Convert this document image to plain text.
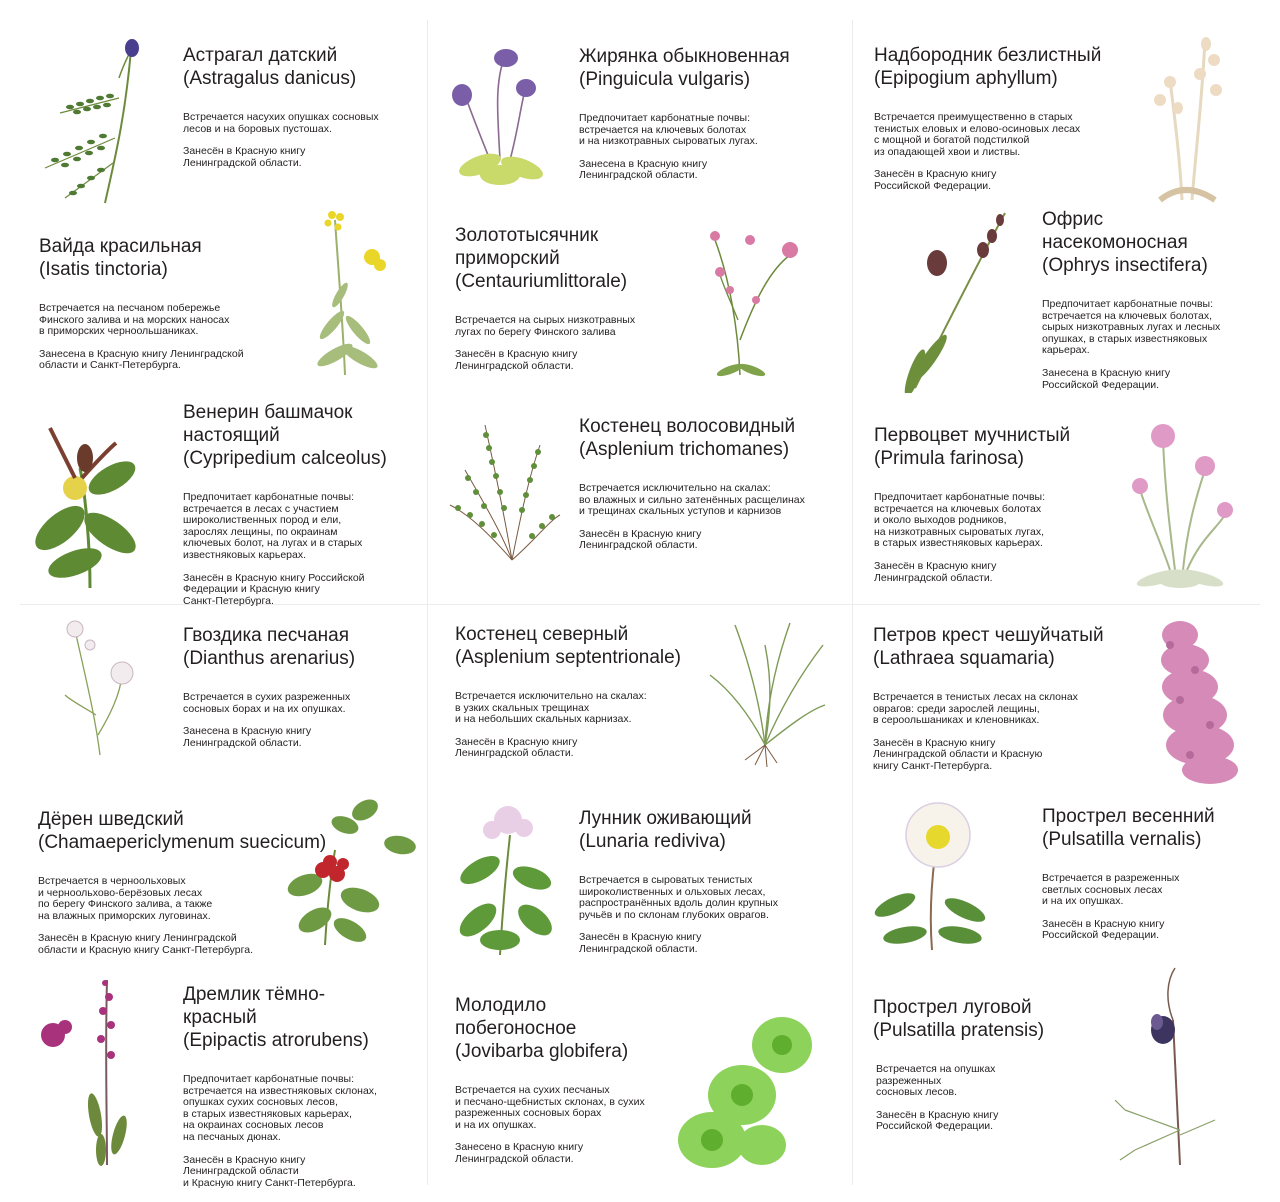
Астрагал датский
(Astragalus danicus)
Встречается насухих опушках сосновых
лесов и на боровых пустошах.
Занесён в Красную книгу
Ленинградской области.
Жирянка обыкновенная
(Pinguicula vulgaris)
Предпочитает карбонатные почвы:
встречается на ключевых болотах
и на низкотравных сыроватых лугах.
Занесена в Красную книгу
Ленинградской области.
Надбородник безлистный
(Epipogium aphyllum)
Встречается преимущественно в старых
тенистых еловых и елово-осиновых лесах
с мощной и богатой подстилкой
из опадающей хвои и листвы.
Занесён в Красную книгу
Российской Федерации.
Вайда красильная
(Isatis tinctoria)
Встречается на песчаном побережье
Финского залива и на морских наносах
в приморских черноольшаниках.
Занесена в Красную книгу Ленинградской
области и Санкт-Петербурга.
Золототысячник
приморский
(Centauriumlittorale)
Встречается на сырых низкотравных
лугах по берегу Финского залива
Занесён в Красную книгу
Ленинградской области.
Офрис
насекомоносная
(Ophrys insectifera)
Предпочитает карбонатные почвы:
встречается на ключевых болотах,
сырых низкотравных лугах и лесных
опушках, в старых известняковых
карьерах.
Занесена в Красную книгу
Российской Федерации.
Венерин башмачок
настоящий
(Cypripedium calceolus)
Предпочитает карбонатные почвы:
встречается в лесах с участием
широколиственных пород и ели,
зарослях лещины, по окраинам
ключевых болот, на лугах и в старых
известняковых карьерах.
Занесён в Красную книгу Российской
Федерации и Красную книгу
Санкт-Петербурга.
Костенец волосовидный
(Asplenium trichomanes)
Встречается исключительно на скалах:
во влажных и сильно затенённых расщелинах
и трещинах скальных уступов и карнизов
Занесён в Красную книгу
Ленинградской области.
Первоцвет мучнистый
(Primula farinosa)
Предпочитает карбонатные почвы:
встречается на ключевых болотах
и около выходов родников,
на низкотравных сыроватых лугах,
в старых известняковых карьерах.
Занесён в Красную книгу
Ленинградской области.
Гвоздика песчаная
(Dianthus arenarius)
Встречается в сухих разреженных
сосновых борах и на их опушках.
Занесена в Красную книгу
Ленинградской области.
Костенец северный
(Asplenium septentrionale)
Встречается исключительно на скалах:
в узких скальных трещинах
и на небольших скальных карнизах.
Занесён в Красную книгу
Ленинградской области.
Петров крест чешуйчатый
(Lathraea squamaria)
Встречается в тенистых лесах на склонах
оврагов: среди зарослей лещины,
в сероольшаниках и кленовниках.
Занесён в Красную книгу
Ленинградской области и Красную
книгу Санкт-Петербурга.
Дёрен шведский
(Chamaepericlymenum suecicum)
Встречается в черноольховых
и черноольхово-берёзовых лесах
по берегу Финского залива, а также
на влажных приморских луговинах.
Занесён в Красную книгу Ленинградской
области и Красную книгу Санкт-Петербурга.
Лунник оживающий
(Lunaria rediviva)
Встречается в сыроватых тенистых
широколиственных и ольховых лесах,
распространённых вдоль долин крупных
ручьёв и по склонам глубоких оврагов.
Занесён в Красную книгу
Ленинградской области.
Прострел весенний
(Pulsatilla vernalis)
Встречается в разреженных
светлых сосновых лесах
и на их опушках.
Занесён в Красную книгу
Российской Федерации.
Дремлик тёмно-
красный
(Epipactis atrorubens)
Предпочитает карбонатные почвы:
встречается на известняковых склонах,
опушках сухих сосновых лесов,
в старых известняковых карьерах,
на окраинах сосновых лесов
на песчаных дюнах.
Занесён в Красную книгу
Ленинградской области
и Красную книгу Санкт-Петербурга.
Молодило
побегоносное
(Jovibarba globifera)
Встречается на сухих песчаных
и песчано-щебнистых склонах, в сухих
разреженных сосновых борах
и на их опушках.
Занесено в Красную книгу
Ленинградской области.
Прострел луговой
(Pulsatilla pratensis)
Встречается на опушках
разреженных
сосновых лесов.
Занесён в Красную книгу
Российской Федерации.
